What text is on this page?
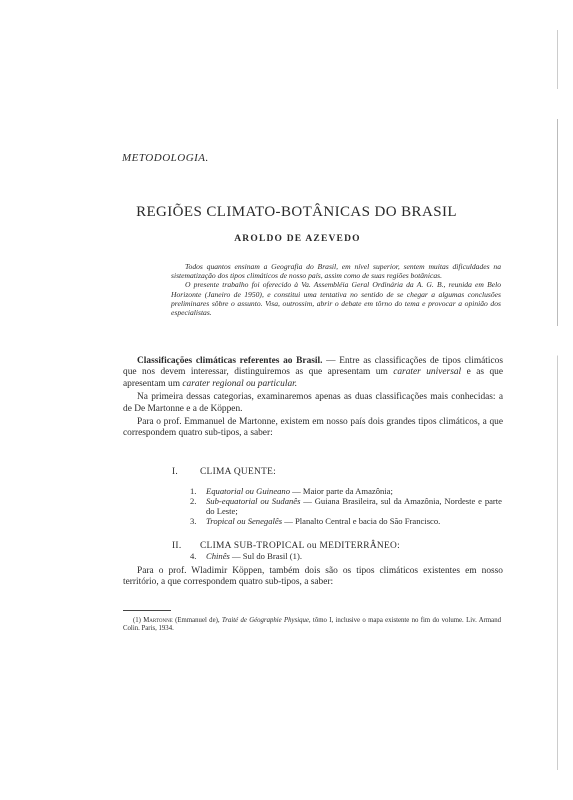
METODOLOGIA.
REGIÕES CLIMATO-BOTÂNICAS DO BRASIL
AROLDO DE AZEVEDO

Todos quantos ensinam a Geografia do Brasil, em nível superior, sentem muitas dificuldades na sistematização dos tipos climáticos de nosso país, assim como de suas regiões botânicas.

O presente trabalho foi oferecido à Va. Assembléia Geral Ordinária da A. G. B., reunida em Belo Horizonte (Janeiro de 1950), e constitui uma tentativa no sentido de se chegar a algumas conclusões preliminares sôbre o assunto. Visa, outrossim, abrir o debate em tôrno do tema e provocar a opinião dos especialistas.

Classificações climáticas referentes ao Brasil. — Entre as classificações de tipos climáticos que nos devem interessar, distinguiremos as que apresentam um carater universal e as que apresentam um carater regional ou particular.

Na primeira dessas categorias, examinaremos apenas as duas classificações mais conhecidas: a de De Martonne e a de Köppen.

Para o prof. Emmanuel de Martonne, existem em nosso país dois grandes tipos climáticos, a que correspondem quatro sub-tipos, a saber:

I. CLIMA QUENTE:
1.	Equatorial ou Guineano — Maior parte da Amazônia;
2.	Sub-equatorial ou Sudanês — Guiana Brasileira, sul da Amazônia, Nordeste e parte do Leste;
3.	Tropical ou Senegalês — Planalto Central e bacia do São Francisco.
II. CLIMA SUB-TROPICAL ou MEDITERRÂNEO:
4.	Chinês — Sul do Brasil (1).

Para o prof. Wladimir Köppen, também dois são os tipos climáticos existentes em nosso território, a que correspondem quatro sub-tipos, a saber:

(1) Martonne (Emmanuel de), Traité de Géographie Physique, tômo I, inclusive o mapa existente no fim do volume. Liv. Armand Colin. Paris, 1934.
